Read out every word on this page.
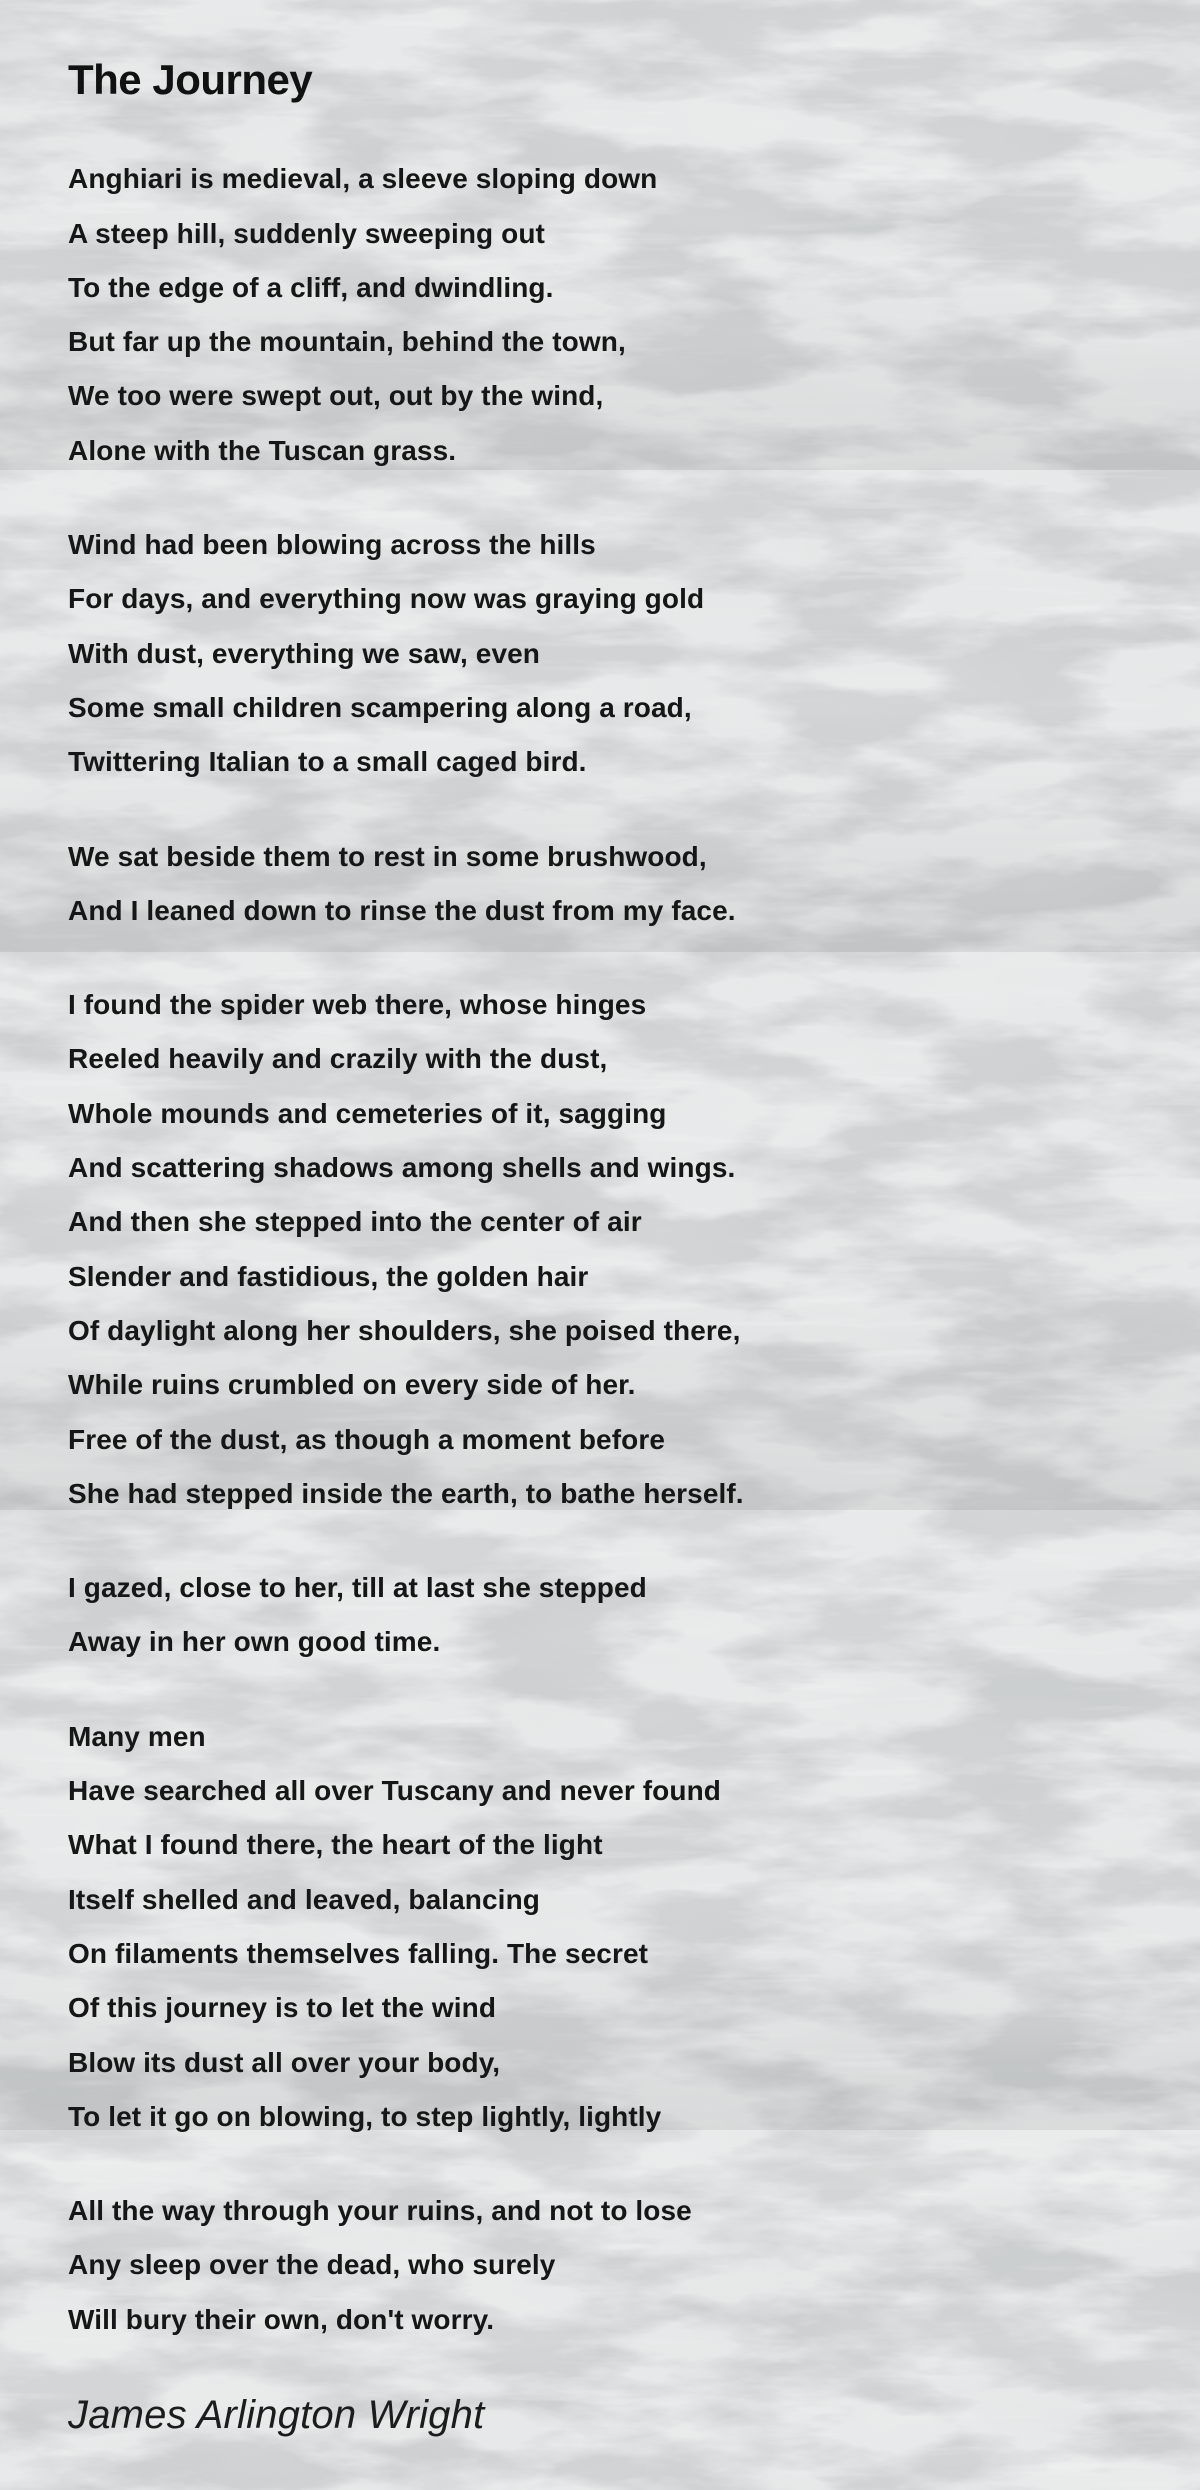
The Journey
Anghiari is medieval, a sleeve sloping down
A steep hill, suddenly sweeping out
To the edge of a cliff, and dwindling.
But far up the mountain, behind the town,
We too were swept out, out by the wind,
Alone with the Tuscan grass.
Wind had been blowing across the hills
For days, and everything now was graying gold
With dust, everything we saw, even
Some small children scampering along a road,
Twittering Italian to a small caged bird.
We sat beside them to rest in some brushwood,
And I leaned down to rinse the dust from my face.
I found the spider web there, whose hinges
Reeled heavily and crazily with the dust,
Whole mounds and cemeteries of it, sagging
And scattering shadows among shells and wings.
And then she stepped into the center of air
Slender and fastidious, the golden hair
Of daylight along her shoulders, she poised there,
While ruins crumbled on every side of her.
Free of the dust, as though a moment before
She had stepped inside the earth, to bathe herself.
I gazed, close to her, till at last she stepped
Away in her own good time.
Many men
Have searched all over Tuscany and never found
What I found there, the heart of the light
Itself shelled and leaved, balancing
On filaments themselves falling. The secret
Of this journey is to let the wind
Blow its dust all over your body,
To let it go on blowing, to step lightly, lightly
All the way through your ruins, and not to lose
Any sleep over the dead, who surely
Will bury their own, don't worry.
James Arlington Wright
